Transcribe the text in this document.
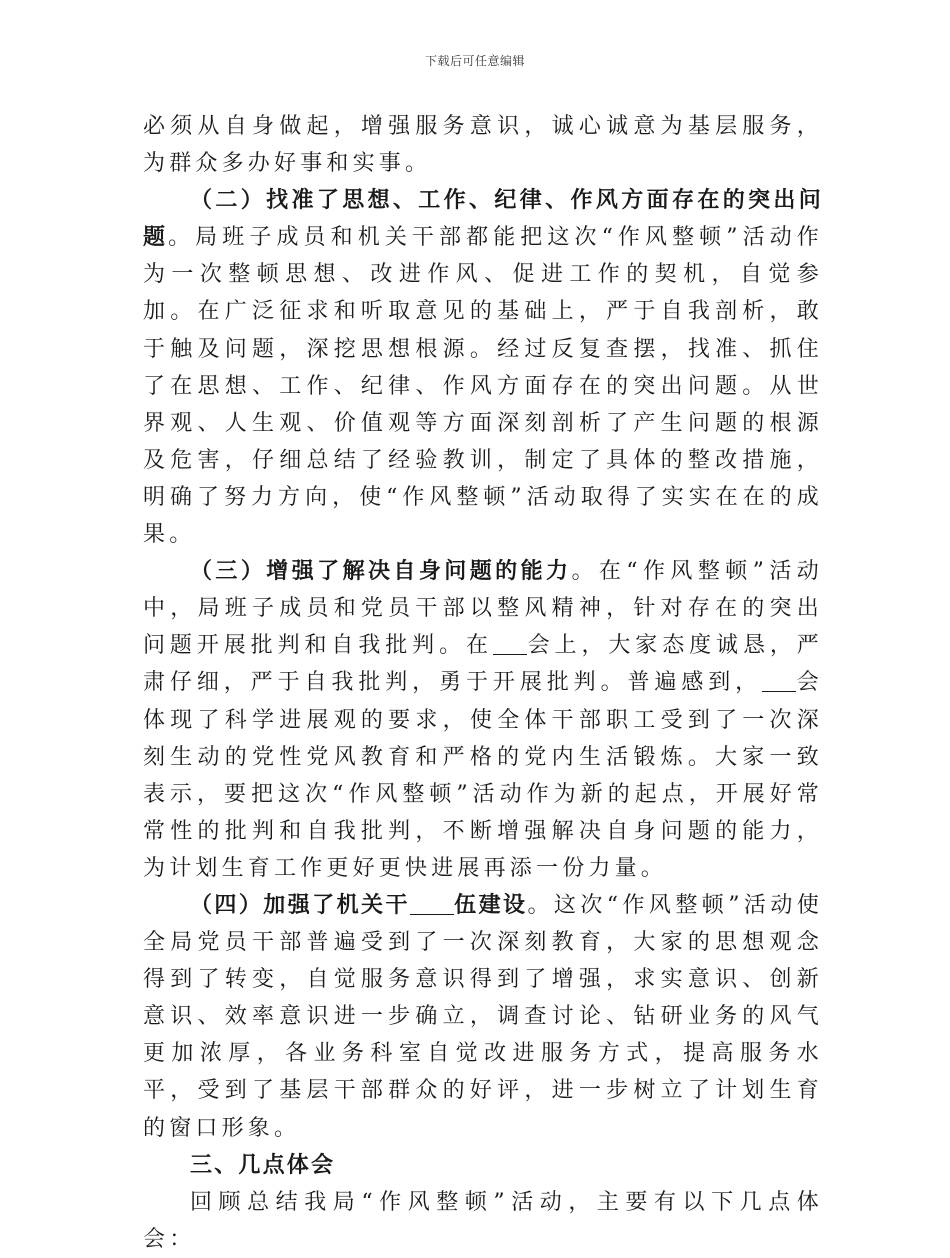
下载后可任意编辑

必须从自身做起，增强服务意识，诚心诚意为基层服务，为群众多办好事和实事。

（二）找准了思想、工作、纪律、作风方面存在的突出问题。局班子成员和机关干部都能把这次“作风整顿”活动作为一次整顿思想、改进作风、促进工作的契机，自觉参加。在广泛征求和听取意见的基础上，严于自我剖析，敢于触及问题，深挖思想根源。经过反复查摆，找准、抓住了在思想、工作、纪律、作风方面存在的突出问题。从世界观、人生观、价值观等方面深刻剖析了产生问题的根源及危害，仔细总结了经验教训，制定了具体的整改措施，明确了努力方向，使“作风整顿”活动取得了实实在在的成果。

（三）增强了解决自身问题的能力。在“作风整顿”活动中，局班子成员和党员干部以整风精神，针对存在的突出问题开展批判和自我批判。在 会上，大家态度诚恳，严肃仔细，严于自我批判，勇于开展批判。普遍感到， 会体现了科学进展观的要求，使全体干部职工受到了一次深刻生动的党性党风教育和严格的党内生活锻炼。大家一致表示，要把这次“作风整顿”活动作为新的起点，开展好常常性的批判和自我批判，不断增强解决自身问题的能力，为计划生育工作更好更快进展再添一份力量。

（四）加强了机关干 伍建设。这次“作风整顿”活动使全局党员干部普遍受到了一次深刻教育，大家的思想观念得到了转变，自觉服务意识得到了增强，求实意识、创新意识、效率意识进一步确立，调查讨论、钻研业务的风气更加浓厚，各业务科室自觉改进服务方式，提高服务水平，受到了基层干部群众的好评，进一步树立了计划生育的窗口形象。

三、几点体会

回顾总结我局“作风整顿”活动，主要有以下几点体会：
